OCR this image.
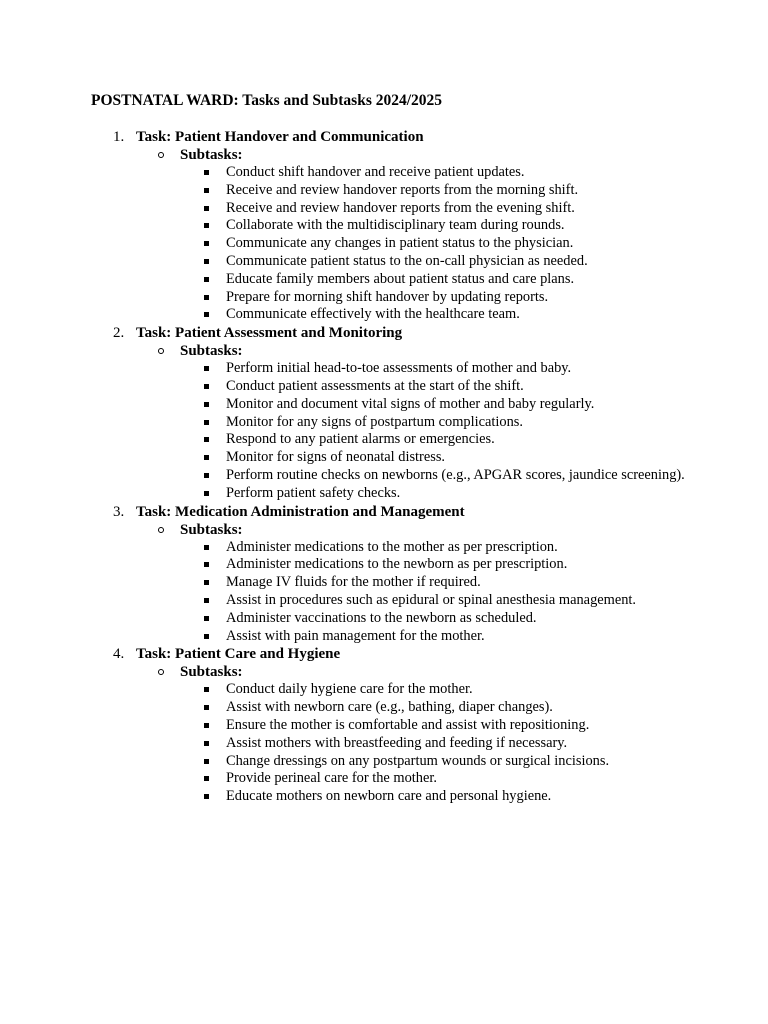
POSTNATAL WARD: Tasks and Subtasks 2024/2025
1. Task: Patient Handover and Communication
Subtasks:
Conduct shift handover and receive patient updates.
Receive and review handover reports from the morning shift.
Receive and review handover reports from the evening shift.
Collaborate with the multidisciplinary team during rounds.
Communicate any changes in patient status to the physician.
Communicate patient status to the on-call physician as needed.
Educate family members about patient status and care plans.
Prepare for morning shift handover by updating reports.
Communicate effectively with the healthcare team.
2. Task: Patient Assessment and Monitoring
Subtasks:
Perform initial head-to-toe assessments of mother and baby.
Conduct patient assessments at the start of the shift.
Monitor and document vital signs of mother and baby regularly.
Monitor for any signs of postpartum complications.
Respond to any patient alarms or emergencies.
Monitor for signs of neonatal distress.
Perform routine checks on newborns (e.g., APGAR scores, jaundice screening).
Perform patient safety checks.
3. Task: Medication Administration and Management
Subtasks:
Administer medications to the mother as per prescription.
Administer medications to the newborn as per prescription.
Manage IV fluids for the mother if required.
Assist in procedures such as epidural or spinal anesthesia management.
Administer vaccinations to the newborn as scheduled.
Assist with pain management for the mother.
4. Task: Patient Care and Hygiene
Subtasks:
Conduct daily hygiene care for the mother.
Assist with newborn care (e.g., bathing, diaper changes).
Ensure the mother is comfortable and assist with repositioning.
Assist mothers with breastfeeding and feeding if necessary.
Change dressings on any postpartum wounds or surgical incisions.
Provide perineal care for the mother.
Educate mothers on newborn care and personal hygiene.
